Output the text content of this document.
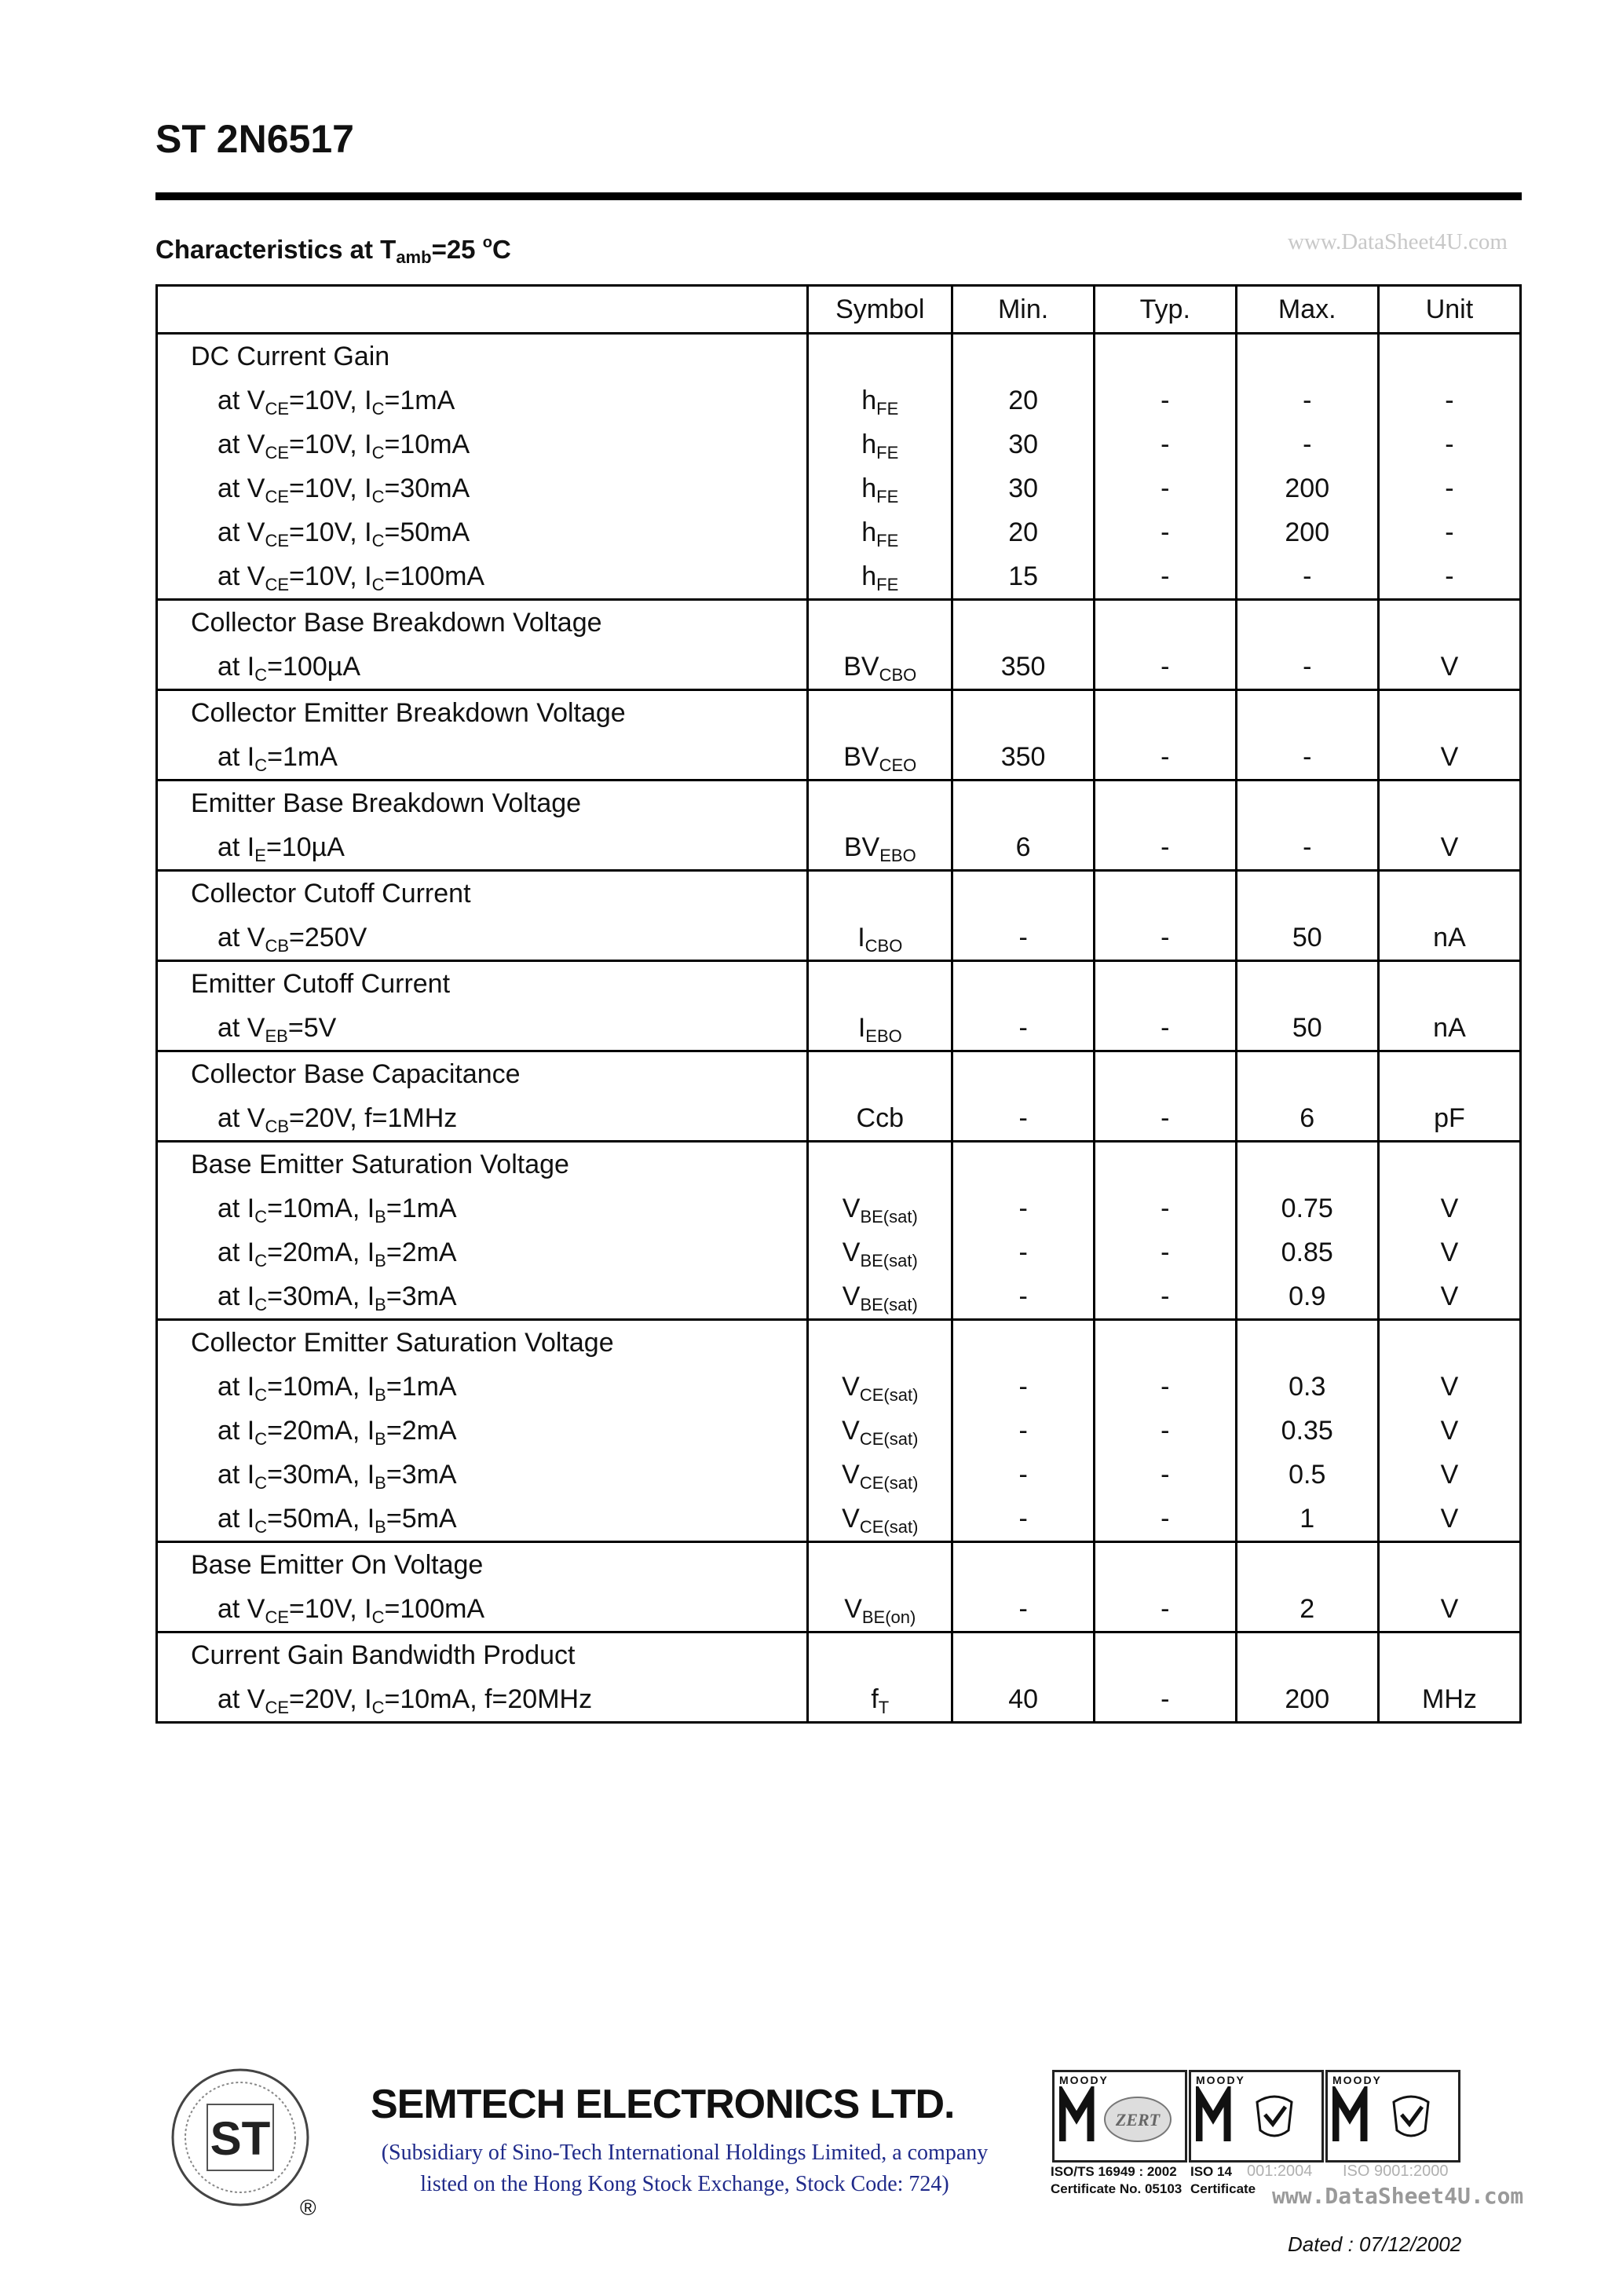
ST 2N6517
Characteristics at $T_{amb}=25$ $^o$C	www.DataSheet4U.com
	Symbol	Min.	Typ.	Max.	Unit
DC Current Gain					
at $V_{CE}=10V$, $I_C=1mA$	$h_{FE}$	20	-	-	-
at $V_{CE}=10V$, $I_C=10mA$	$h_{FE}$	30	-	-	-
at $V_{CE}=10V$, $I_C=30mA$	$h_{FE}$	30	-	200	-
at $V_{CE}=10V$, $I_C=50mA$	$h_{FE}$	20	-	200	-
at $V_{CE}=10V$, $I_C=100mA$	$h_{FE}$	15	-	-	-
Collector Base Breakdown Voltage					
at $I_C=100\mu A$	$BV_{CBO}$	350	-	-	V
Collector Emitter Breakdown Voltage					
at $I_C=1mA$	$BV_{CEO}$	350	-	-	V
Emitter Base Breakdown Voltage					
at $I_E=10\mu A$	$BV_{EBO}$	6	-	-	V
Collector Cutoff Current					
at $V_{CB}=250V$	$I_{CBO}$	-	-	50	nA
Emitter Cutoff Current					
at $V_{EB}=5V$	$I_{EBO}$	-	-	50	nA
Collector Base Capacitance					
at $V_{CB}=20V$, f=1MHz	Ccb	-	-	6	pF
Base Emitter Saturation Voltage					
at $I_C=10mA$, $I_B=1mA$	$V_{BE(sat)}$	-	-	0.75	V
at $I_C=20mA$, $I_B=2mA$	$V_{BE(sat)}$	-	-	0.85	V
at $I_C=30mA$, $I_B=3mA$	$V_{BE(sat)}$	-	-	0.9	V
Collector Emitter Saturation Voltage					
at $I_C=10mA$, $I_B=1mA$	$V_{CE(sat)}$	-	-	0.3	V
at $I_C=20mA$, $I_B=2mA$	$V_{CE(sat)}$	-	-	0.35	V
at $I_C=30mA$, $I_B=3mA$	$V_{CE(sat)}$	-	-	0.5	V
at $I_C=50mA$, $I_B=5mA$	$V_{CE(sat)}$	-	-	1	V
Base Emitter On Voltage					
at $V_{CE}=10V$, $I_C=100mA$	$V_{BE(on)}$	-	-	2	V
Current Gain Bandwidth Product					
at $V_{CE}=20V$, $I_C=10mA$, f=20MHz	$f_T$	40	-	200	MHz
ST
®
SEMTECH ELECTRONICS LTD.
(Subsidiary of Sino-Tech International Holdings Limited, a company
listed on the Hong Kong Stock Exchange, Stock Code: 724)
MOODY
ZERT
MOODY	MOODY
ISO/TS 16949 : 2002
Certificate No. 05103
ISO 14
Certificate
001:2004 ISO 9001:2000
www.DataSheet4U.com
Dated : 07/12/2002
